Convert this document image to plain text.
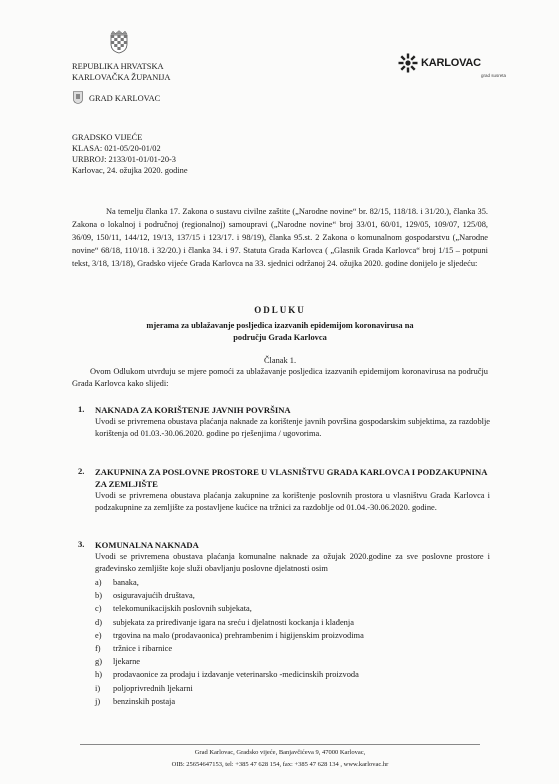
REPUBLIKA HRVATSKA
KARLOVAČKA ŽUPANIJA
GRAD KARLOVAC
KARLOVAC
grad susreta
GRADSKO VIJEĆE
KLASA: 021-05/20-01/02
URBROJ: 2133/01-01/01-20-3
Karlovac, 24. ožujka 2020. godine
Na temelju članka 17. Zakona o sustavu civilne zaštite („Narodne novine“ br. 82/15, 118/18. i 31/20.), članka 35. Zakona o lokalnoj i područnoj (regionalnoj) samoupravi („Narodne novine“ broj 33/01, 60/01, 129/05, 109/07, 125/08, 36/09, 150/11, 144/12, 19/13, 137/15 i 123/17. i 98/19), članka 95.st. 2 Zakona o komunalnom gospodarstvu („Narodne novine“ 68/18, 110/18. i 32/20.) i članka 34. i 97. Statuta Grada Karlovca ( „Glasnik Grada Karlovca“ broj 1/15 – potpuni tekst, 3/18, 13/18), Gradsko vijeće Grada Karlovca na 33. sjednici održanoj 24. ožujka 2020. godine donijelo je sljedeću:
ODLUKU
mjerama za ublažavanje posljedica izazvanih epidemijom koronavirusa na
području Grada Karlovca
Članak 1.
Ovom Odlukom utvrđuju se mjere pomoći za ublažavanje posljedica izazvanih epidemijom koronavirusa na području Grada Karlovca kako slijedi:
1. NAKNADA ZA KORIŠTENJE JAVNIH POVRŠINA
Uvodi se privremena obustava plaćanja naknade za korištenje javnih površina gospodarskim subjektima, za razdoblje korištenja od 01.03.-30.06.2020. godine po rješenjima / ugovorima.
2. ZAKUPNINA ZA POSLOVNE PROSTORE U VLASNIŠTVU GRADA KARLOVCA I PODZAKUPNINA ZA ZEMLJIŠTE
Uvodi se privremena obustava plaćanja zakupnine za korištenje poslovnih prostora u vlasništvu Grada Karlovca i podzakupnine za zemljište za postavljene kućice na tržnici za razdoblje od 01.04.-30.06.2020. godine.
3. KOMUNALNA NAKNADA
Uvodi se privremena obustava plaćanja komunalne naknade za ožujak 2020.godine za sve poslovne prostore i građevinsko zemljište koje služi obavljanju poslovne djelatnosti osim
a)	banaka,
b)	osiguravajućih društava,
c)	telekomunikacijskih poslovnih subjekata,
d)	subjekata za priređivanje igara na sreću i djelatnosti kockanja i klađenja
e)	trgovina na malo (prodavaonica) prehrambenim i higijenskim proizvodima
f)	tržnice i ribarnice
g)	ljekarne
h)	prodavaonice za prodaju i izdavanje veterinarsko -medicinskih proizvoda
i)	poljoprivrednih ljekarni
j)	benzinskih postaja
Grad Karlovac, Gradsko vijeće, Banjavčićeva 9, 47000 Karlovac,
OIB: 25654647153, tel: +385 47 628 154, fax: +385 47 628 134 , www.karlovac.hr
